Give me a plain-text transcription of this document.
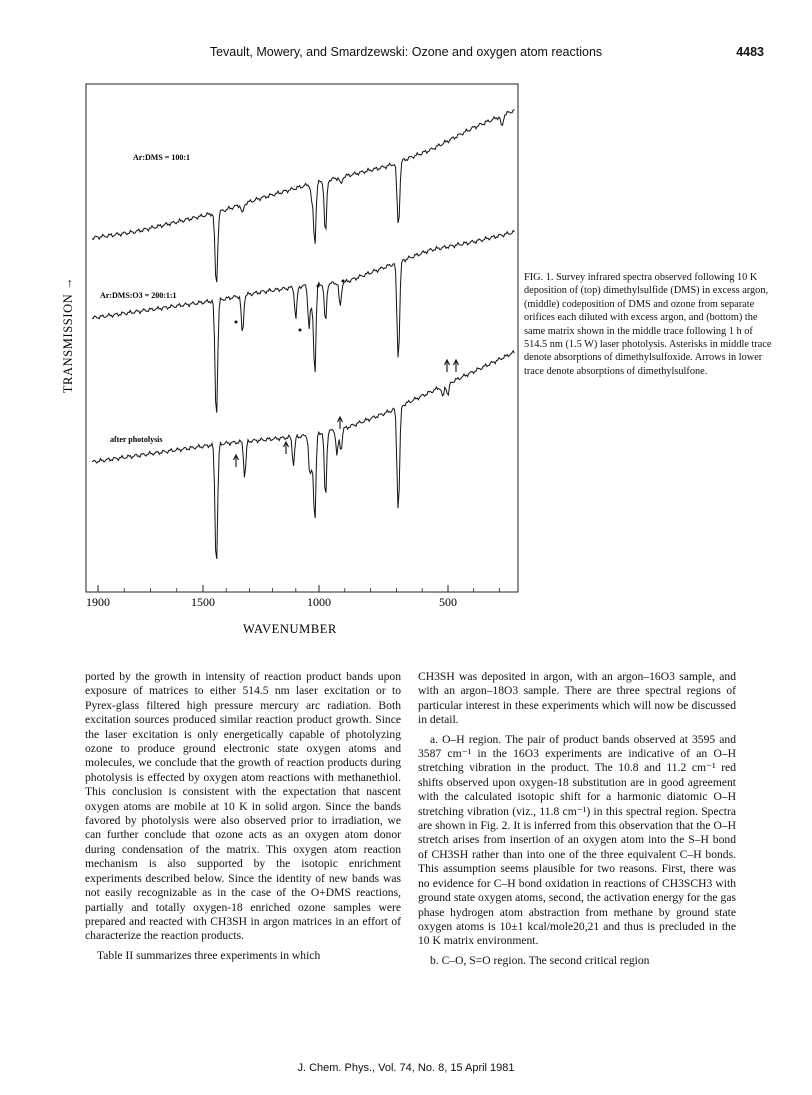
Tevault, Mowery, and Smardzewski: Ozone and oxygen atom reactions	4483
Ar:DMS = 100:1
Ar:DMS:O3 = 200:1:1
after photolysis
1900	1500	1000	500
WAVENUMBER
TRANSMISSION →	FIG. 1. Survey infrared spectra observed following 10 K deposition of (top) dimethylsulfide (DMS) in excess argon, (middle) codeposition of DMS and ozone from separate orifices each diluted with excess argon, and (bottom) the same matrix shown in the middle trace following 1 h of 514.5 nm (1.5 W) laser photolysis. Asterisks in middle trace denote absorptions of dimethylsulfoxide. Arrows in lower trace denote absorptions of dimethylsulfone.

ported by the growth in intensity of reaction product bands upon exposure of matrices to either 514.5 nm laser excitation or to Pyrex-glass filtered high pressure mercury arc radiation. Both excitation sources produced similar reaction product growth. Since the laser excitation is only energetically capable of photolyzing ozone to produce ground electronic state oxygen atoms and molecules, we conclude that the growth of reaction products during photolysis is effected by oxygen atom reactions with methanethiol. This conclusion is consistent with the expectation that nascent oxygen atoms are mobile at 10 K in solid argon. Since the bands favored by photolysis were also observed prior to irradiation, we can further conclude that ozone acts as an oxygen atom donor during condensation of the matrix. This oxygen atom reaction mechanism is also supported by the isotopic enrichment experiments described below. Since the identity of new bands was not easily recognizable as in the case of the O+DMS reactions, partially and totally oxygen-18 enriched ozone samples were prepared and reacted with CH3SH in argon matrices in an effort of characterize the reaction products.

Table II summarizes three experiments in which

CH3SH was deposited in argon, with an argon–16O3 sample, and with an argon–18O3 sample. There are three spectral regions of particular interest in these experiments which will now be discussed in detail.

a. O–H region. The pair of product bands observed at 3595 and 3587 cm⁻¹ in the 16O3 experiments are indicative of an O–H stretching vibration in the product. The 10.8 and 11.2 cm⁻¹ red shifts observed upon oxygen-18 substitution are in good agreement with the calculated isotopic shift for a harmonic diatomic O–H stretching vibration (viz., 11.8 cm⁻¹) in this spectral region. Spectra are shown in Fig. 2. It is inferred from this observation that the O–H stretch arises from insertion of an oxygen atom into the S–H bond of CH3SH rather than into one of the three equivalent C–H bonds. This assumption seems plausible for two reasons. First, there was no evidence for C–H bond oxidation in reactions of CH3SCH3 with ground state oxygen atoms, second, the activation energy for the gas phase hydrogen atom abstraction from methane by ground state oxygen atoms is 10±1 kcal/mole20,21 and thus is precluded in the 10 K matrix environment.

b. C–O, S=O region. The second critical region

J. Chem. Phys., Vol. 74, No. 8, 15 April 1981
